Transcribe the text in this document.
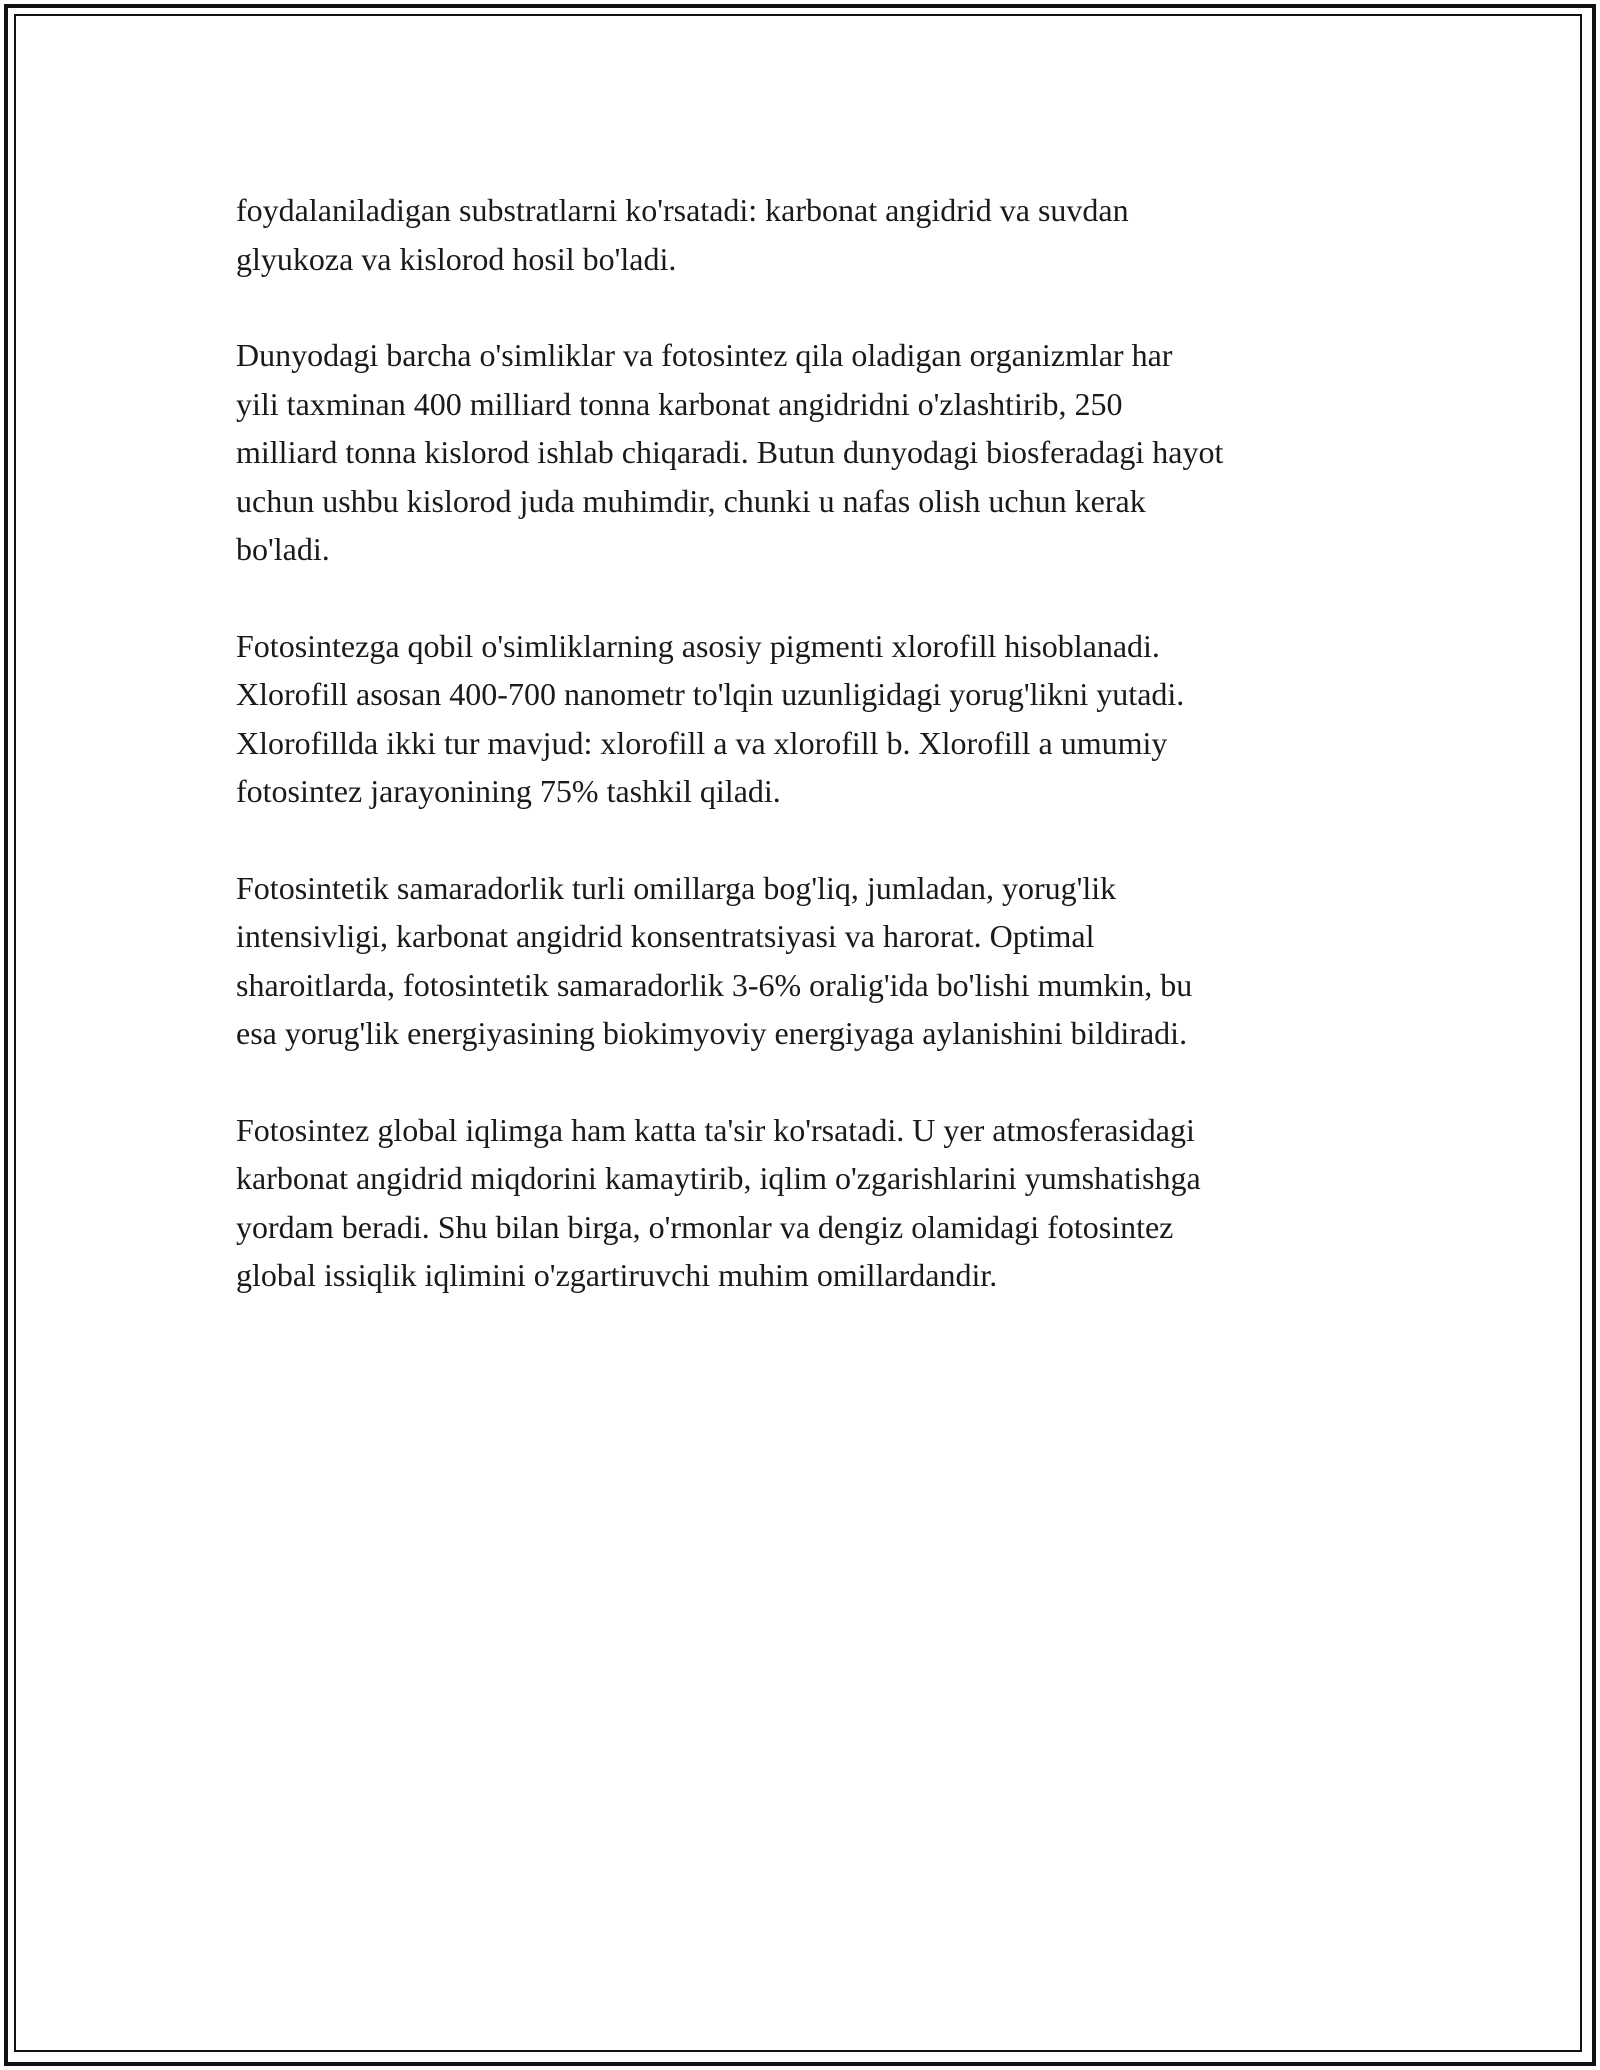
foydalaniladigan substratlarni ko'rsatadi: karbonat angidrid va suvdan
glyukoza va kislorod hosil bo'ladi.

Dunyodagi barcha o'simliklar va fotosintez qila oladigan organizmlar har
yili taxminan 400 milliard tonna karbonat angidridni o'zlashtirib, 250
milliard tonna kislorod ishlab chiqaradi. Butun dunyodagi biosferadagi hayot
uchun ushbu kislorod juda muhimdir, chunki u nafas olish uchun kerak
bo'ladi.

Fotosintezga qobil o'simliklarning asosiy pigmenti xlorofill hisoblanadi.
Xlorofill asosan 400-700 nanometr to'lqin uzunligidagi yorug'likni yutadi.
Xlorofillda ikki tur mavjud: xlorofill a va xlorofill b. Xlorofill a umumiy
fotosintez jarayonining 75% tashkil qiladi.

Fotosintetik samaradorlik turli omillarga bog'liq, jumladan, yorug'lik
intensivligi, karbonat angidrid konsentratsiyasi va harorat. Optimal
sharoitlarda, fotosintetik samaradorlik 3-6% oralig'ida bo'lishi mumkin, bu
esa yorug'lik energiyasining biokimyoviy energiyaga aylanishini bildiradi.

Fotosintez global iqlimga ham katta ta'sir ko'rsatadi. U yer atmosferasidagi
karbonat angidrid miqdorini kamaytirib, iqlim o'zgarishlarini yumshatishga
yordam beradi. Shu bilan birga, o'rmonlar va dengiz olamidagi fotosintez
global issiqlik iqlimini o'zgartiruvchi muhim omillardandir.
